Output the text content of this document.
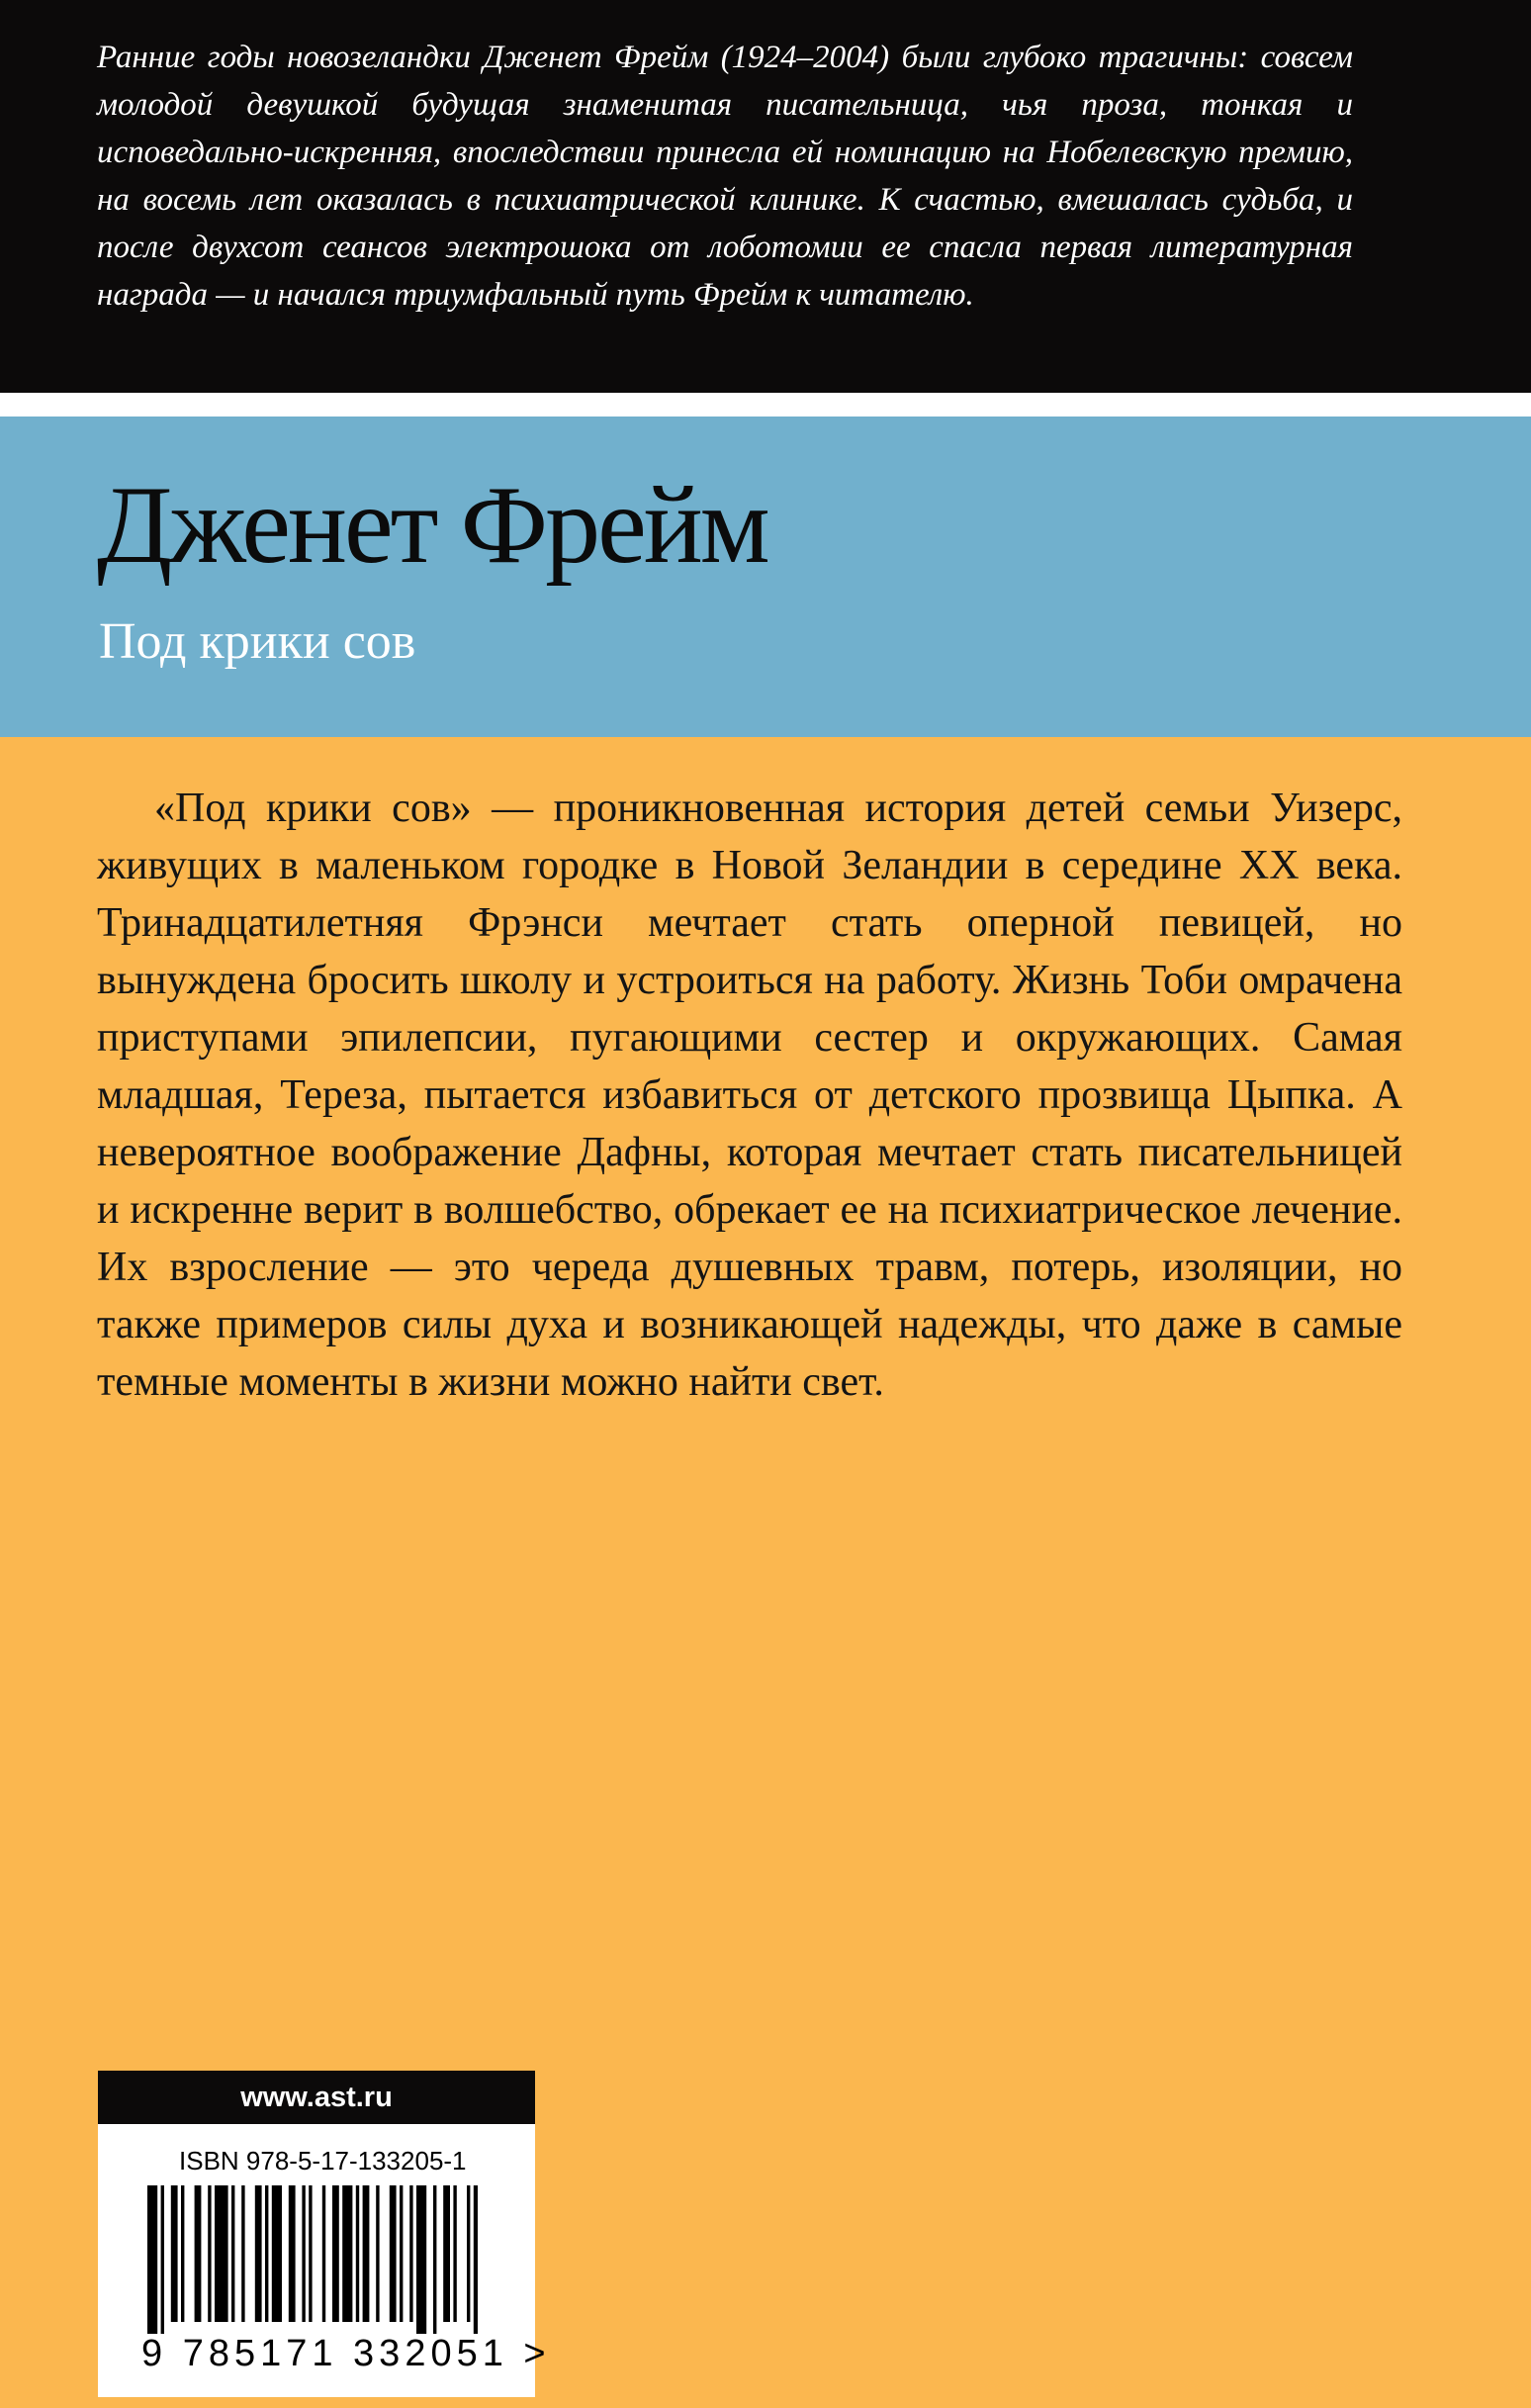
Ранние годы новозеландки Дженет Фрейм (1924–2004) были глубоко трагичны: совсем молодой девушкой будущая знаменитая писательница, чья проза, тонкая и исповедально-искренняя, впоследствии принесла ей номинацию на Нобелевскую премию, на восемь лет оказалась в психиатрической клинике. К счастью, вмешалась судьба, и после двухсот сеансов электрошока от лоботомии ее спасла первая литературная награда — и начался триумфальный путь Фрейм к читателю.

Дженет Фрейм
Под крики сов

«Под крики сов» — проникновенная история детей семьи Уизерс, живущих в маленьком городке в Новой Зеландии в середине XX века. Тринадцатилетняя Фрэнси мечтает стать оперной певицей, но вынуждена бросить школу и устроиться на работу. Жизнь Тоби омрачена приступами эпилепсии, пугающими сестер и окружающих. Самая младшая, Тереза, пытается избавиться от детского прозвища Цыпка. А невероятное воображение Дафны, которая мечтает стать писательницей и искренне верит в волшебство, обрекает ее на психиатрическое лечение. Их взросление — это череда душевных травм, потерь, изоляции, но также примеров силы духа и возникающей надежды, что даже в самые темные моменты в жизни можно найти свет.

www.ast.ru
ISBN 978-5-17-133205-1
9 785171 332051 >
